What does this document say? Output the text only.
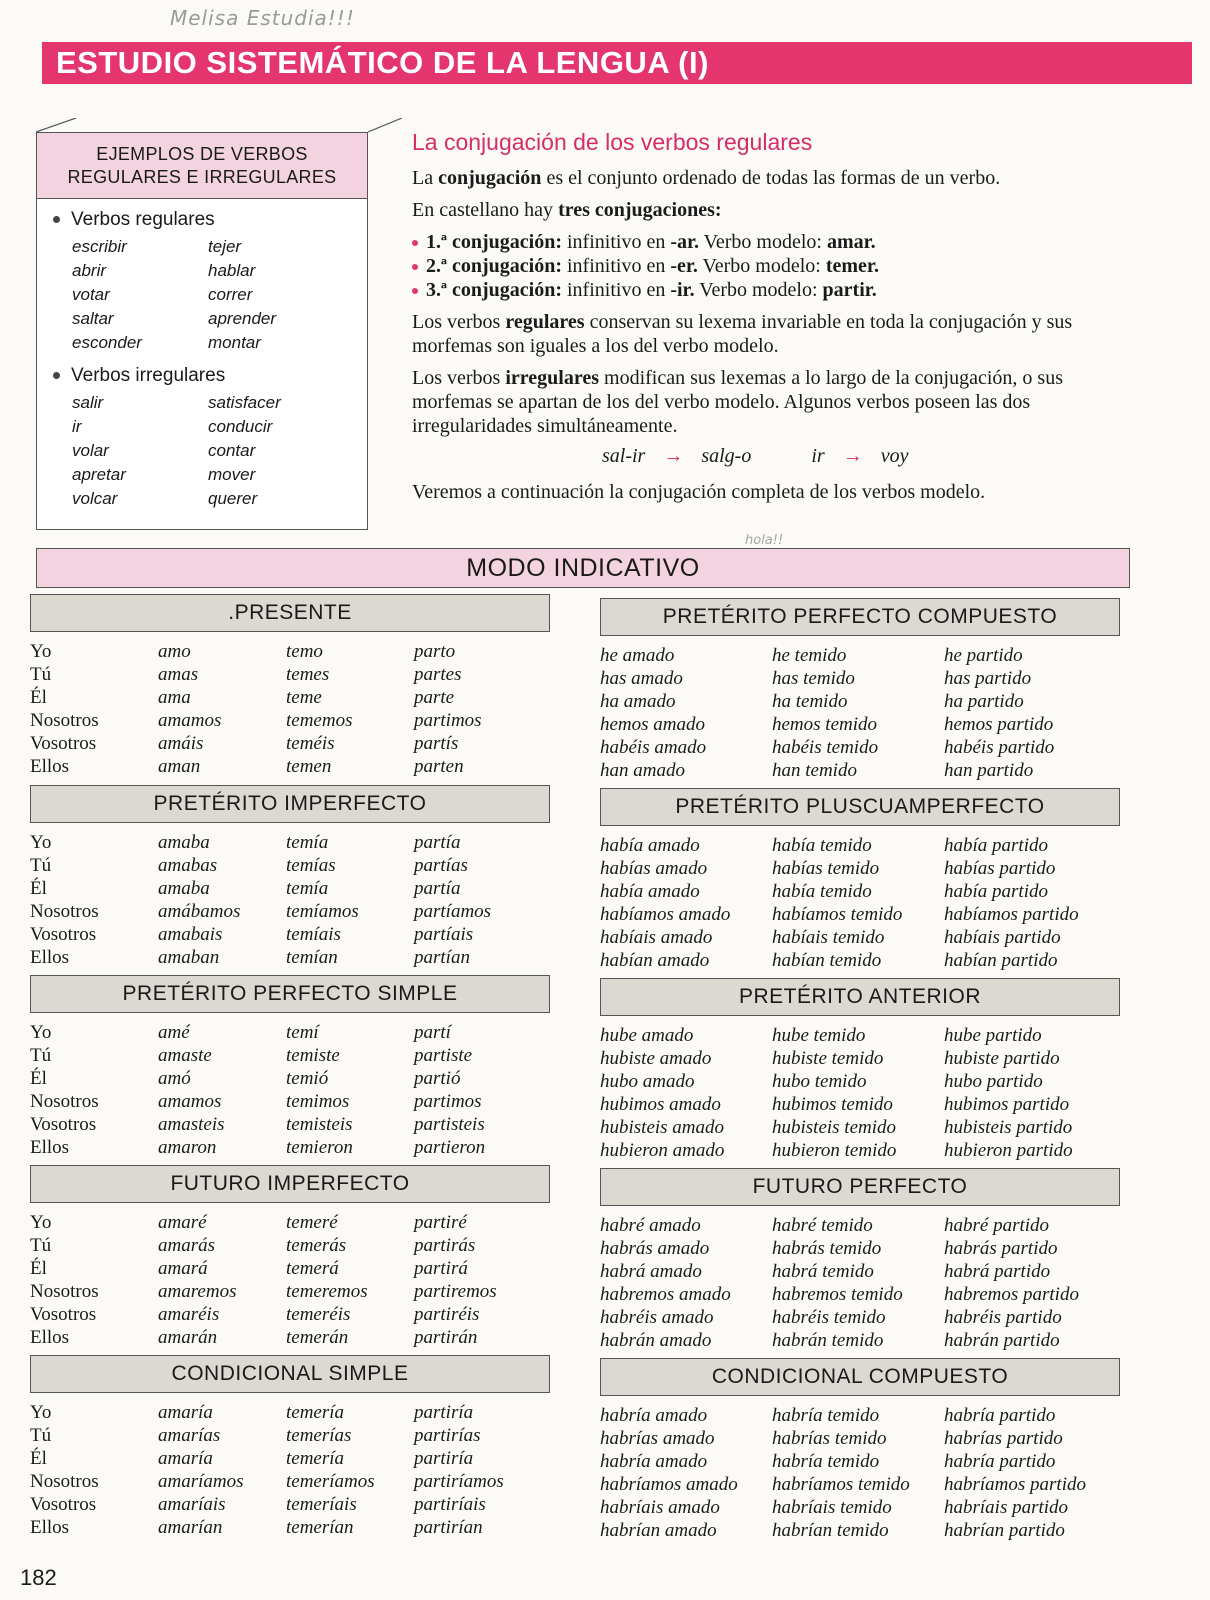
Melisa Estudia!!!
hola!!
ESTUDIO SISTEMÁTICO DE LA LENGUA (I)
EJEMPLOS DE VERBOS
REGULARES E IRREGULARES
Verbos regulares
escribir	tejer
abrir	hablar
votar	correr
saltar	aprender
esconder	montar
Verbos irregulares
salir	satisfacer
ir	conducir
volar	contar
apretar	mover
volcar	querer
La conjugación de los verbos regulares

La conjugación es el conjunto ordenado de todas las formas de un verbo.

En castellano hay tres conjugaciones:

1.ª conjugación: infinitivo en -ar. Verbo modelo: amar.
2.ª conjugación: infinitivo en -er. Verbo modelo: temer.
3.ª conjugación: infinitivo en -ir. Verbo modelo: partir.

Los verbos regulares conservan su lexema invariable en toda la conjugación y sus morfemas son iguales a los del verbo modelo.

Los verbos irregulares modifican sus lexemas a lo largo de la conjugación, o sus morfemas se apartan de los del verbo modelo. Algunos verbos poseen las dos irregularidades simultáneamente.

sal-ir → salg-o	ir → voy

Veremos a continuación la conjugación completa de los verbos modelo.

MODO INDICATIVO
.PRESENTE
Yo	amo	temo	parto
Tú	amas	temes	partes
Él	ama	teme	parte
Nosotros	amamos	tememos	partimos
Vosotros	amáis	teméis	partís
Ellos	aman	temen	parten
PRETÉRITO PERFECTO COMPUESTO
he amado	he temido	he partido
has amado	has temido	has partido
ha amado	ha temido	ha partido
hemos amado	hemos temido	hemos partido
habéis amado	habéis temido	habéis partido
han amado	han temido	han partido
PRETÉRITO IMPERFECTO
Yo	amaba	temía	partía
Tú	amabas	temías	partías
Él	amaba	temía	partía
Nosotros	amábamos	temíamos	partíamos
Vosotros	amabais	temíais	partíais
Ellos	amaban	temían	partían
PRETÉRITO PLUSCUAMPERFECTO
había amado	había temido	había partido
habías amado	habías temido	habías partido
había amado	había temido	había partido
habíamos amado	habíamos temido	habíamos partido
habíais amado	habíais temido	habíais partido
habían amado	habían temido	habían partido
PRETÉRITO PERFECTO SIMPLE
Yo	amé	temí	partí
Tú	amaste	temiste	partiste
Él	amó	temió	partió
Nosotros	amamos	temimos	partimos
Vosotros	amasteis	temisteis	partisteis
Ellos	amaron	temieron	partieron
PRETÉRITO ANTERIOR
hube amado	hube temido	hube partido
hubiste amado	hubiste temido	hubiste partido
hubo amado	hubo temido	hubo partido
hubimos amado	hubimos temido	hubimos partido
hubisteis amado	hubisteis temido	hubisteis partido
hubieron amado	hubieron temido	hubieron partido
FUTURO IMPERFECTO
Yo	amaré	temeré	partiré
Tú	amarás	temerás	partirás
Él	amará	temerá	partirá
Nosotros	amaremos	temeremos	partiremos
Vosotros	amaréis	temeréis	partiréis
Ellos	amarán	temerán	partirán
FUTURO PERFECTO
habré amado	habré temido	habré partido
habrás amado	habrás temido	habrás partido
habrá amado	habrá temido	habrá partido
habremos amado	habremos temido	habremos partido
habréis amado	habréis temido	habréis partido
habrán amado	habrán temido	habrán partido
CONDICIONAL SIMPLE
Yo	amaría	temería	partiría
Tú	amarías	temerías	partirías
Él	amaría	temería	partiría
Nosotros	amaríamos	temeríamos	partiríamos
Vosotros	amaríais	temeríais	partiríais
Ellos	amarían	temerían	partirían
CONDICIONAL COMPUESTO
habría amado	habría temido	habría partido
habrías amado	habrías temido	habrías partido
habría amado	habría temido	habría partido
habríamos amado	habríamos temido	habríamos partido
habríais amado	habríais temido	habríais partido
habrían amado	habrían temido	habrían partido
182
